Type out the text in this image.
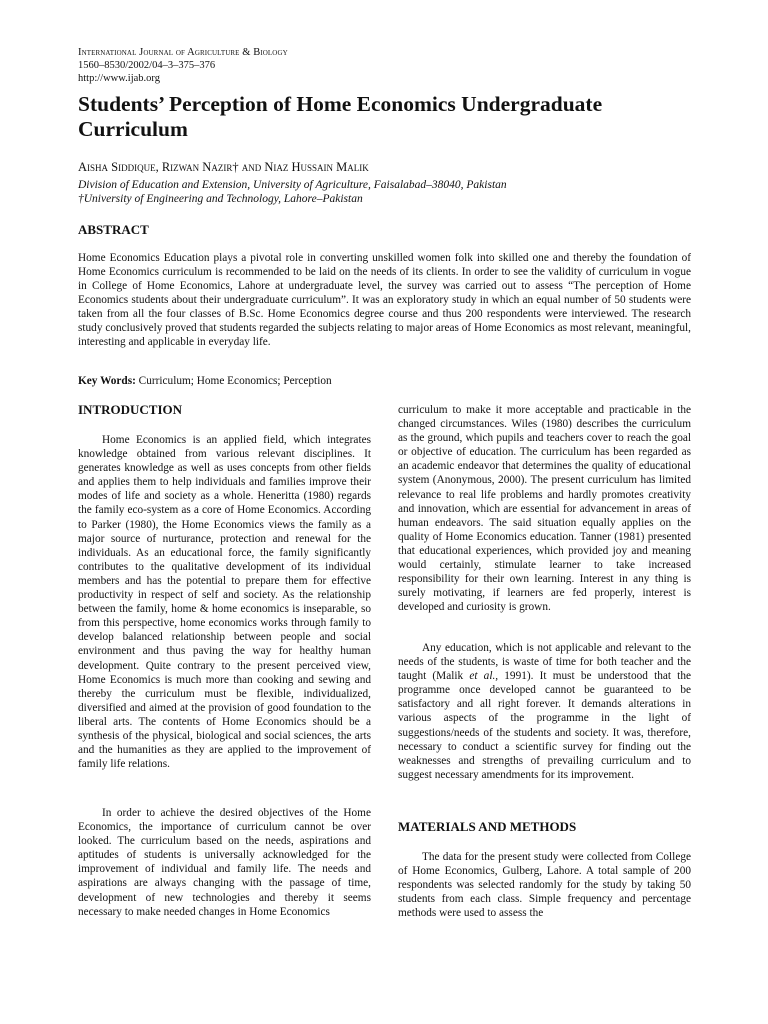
International Journal of Agriculture & Biology
1560–8530/2002/04–3–375–376
http://www.ijab.org
Students’ Perception of Home Economics Undergraduate Curriculum
Aisha Siddique, Rizwan Nazir† and Niaz Hussain Malik
Division of Education and Extension, University of Agriculture, Faisalabad–38040, Pakistan
†University of Engineering and Technology, Lahore–Pakistan
ABSTRACT

Home Economics Education plays a pivotal role in converting unskilled women folk into skilled one and thereby the foundation of Home Economics curriculum is recommended to be laid on the needs of its clients. In order to see the validity of curriculum in vogue in College of Home Economics, Lahore at undergraduate level, the survey was carried out to assess “The perception of Home Economics students about their undergraduate curriculum”. It was an exploratory study in which an equal number of 50 students were taken from all the four classes of B.Sc. Home Economics degree course and thus 200 respondents were interviewed. The research study conclusively proved that students regarded the subjects relating to major areas of Home Economics as most relevant, meaningful, interesting and applicable in everyday life.

Key Words: Curriculum; Home Economics; Perception

INTRODUCTION

Home Economics is an applied field, which integrates knowledge obtained from various relevant disciplines. It generates knowledge as well as uses concepts from other fields and applies them to help individuals and families improve their modes of life and society as a whole. Heneritta (1980) regards the family eco-system as a core of Home Economics. According to Parker (1980), the Home Economics views the family as a major source of nurturance, protection and renewal for the individuals. As an educational force, the family significantly contributes to the qualitative development of its individual members and has the potential to prepare them for effective productivity in respect of self and society. As the relationship between the family, home & home economics is inseparable, so from this perspective, home economics works through family to develop balanced relationship between people and social environment and thus paving the way for healthy human development. Quite contrary to the present perceived view, Home Economics is much more than cooking and sewing and thereby the curriculum must be flexible, individualized, diversified and aimed at the provision of good foundation to the liberal arts. The contents of Home Economics should be a synthesis of the physical, biological and social sciences, the arts and the humanities as they are applied to the improvement of family life relations.

In order to achieve the desired objectives of the Home Economics, the importance of curriculum cannot be over looked. The curriculum based on the needs, aspirations and aptitudes of students is universally acknowledged for the improvement of individual and family life. The needs and aspirations are always changing with the passage of time, development of new technologies and thereby it seems necessary to make needed changes in Home Economics

curriculum to make it more acceptable and practicable in the changed circumstances. Wiles (1980) describes the curriculum as the ground, which pupils and teachers cover to reach the goal or objective of education. The curriculum has been regarded as an academic endeavor that determines the quality of educational system (Anonymous, 2000). The present curriculum has limited relevance to real life problems and hardly promotes creativity and innovation, which are essential for advancement in areas of human endeavors. The said situation equally applies on the quality of Home Economics education. Tanner (1981) presented that educational experiences, which provided joy and meaning would certainly, stimulate learner to take increased responsibility for their own learning. Interest in any thing is surely motivating, if learners are fed properly, interest is developed and curiosity is grown.

Any education, which is not applicable and relevant to the needs of the students, is waste of time for both teacher and the taught (Malik et al., 1991). It must be understood that the programme once developed cannot be guaranteed to be satisfactory and all right forever. It demands alterations in various aspects of the programme in the light of suggestions/needs of the students and society. It was, therefore, necessary to conduct a scientific survey for finding out the weaknesses and strengths of prevailing curriculum and to suggest necessary amendments for its improvement.

MATERIALS AND METHODS

The data for the present study were collected from College of Home Economics, Gulberg, Lahore. A total sample of 200 respondents was selected randomly for the study by taking 50 students from each class. Simple frequency and percentage methods were used to assess the
